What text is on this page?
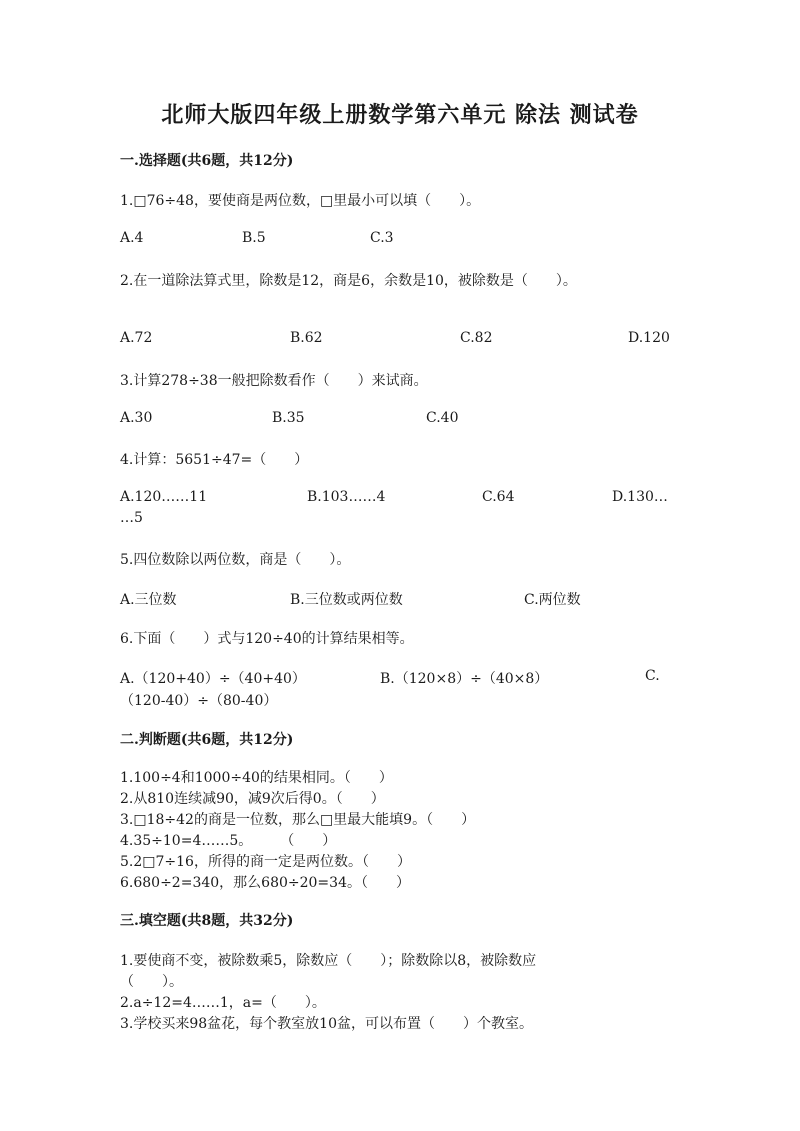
北师大版四年级上册数学第六单元 除法 测试卷
一.选择题(共6题，共12分)
1.□76÷48，要使商是两位数，□里最小可以填（　　）。
A.4	B.5	C.3
2.在一道除法算式里，除数是12，商是6，余数是10，被除数是（　　）。
A.72	B.62	C.82	D.120
3.计算278÷38一般把除数看作（　　）来试商。
A.30	B.35	C.40
4.计算：5651÷47=（　　）
A.120……11	B.103……4	C.64	D.130…
…5
5.四位数除以两位数，商是（　　）。
A.三位数	B.三位数或两位数	C.两位数
6.下面（　　）式与120÷40的计算结果相等。
A.（120+40）÷（40+40）	B.（120×8）÷（40×8）	C.
（120-40）÷（80-40）
二.判断题(共6题，共12分)
1.100÷4和1000÷40的结果相同。（　　）
2.从810连续减90，减9次后得0。（　　）
3.□18÷42的商是一位数，那么□里最大能填9。（　　）
4.35÷10=4……5。　　　（　　）
5.2□7÷16，所得的商一定是两位数。（　　）
6.680÷2=340，那么680÷20=34。（　　）
三.填空题(共8题，共32分)
1.要使商不变，被除数乘5，除数应（　　）；除数除以8，被除数应
（　　）。
2.a÷12=4……1，a=（　　）。
3.学校买来98盆花，每个教室放10盆，可以布置（　　）个教室。
